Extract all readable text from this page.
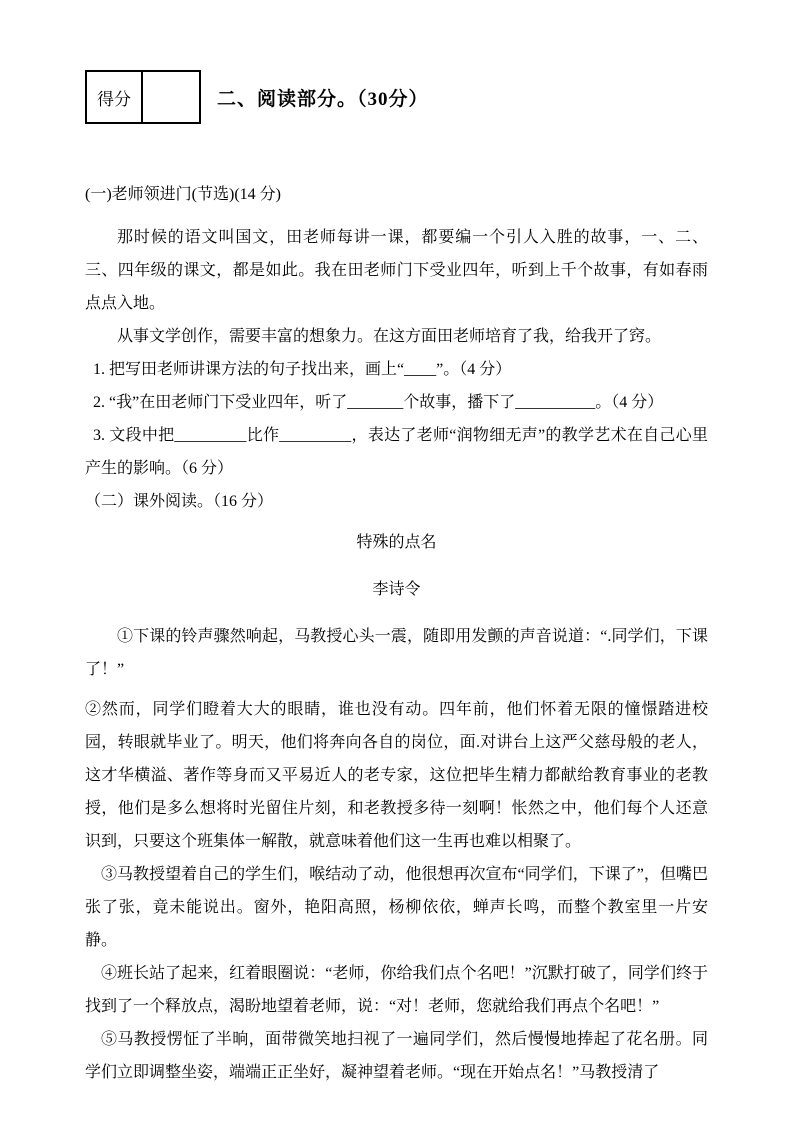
得分	二、阅读部分。（30分）

(一)老师领进门(节选)(14 分)

那时候的语文叫国文，田老师每讲一课，都要编一个引人入胜的故事，一、二、三、四年级的课文，都是如此。我在田老师门下受业四年，听到上千个故事，有如春雨点点入地。

从事文学创作，需要丰富的想象力。在这方面田老师培育了我，给我开了窍。

1. 把写田老师讲课方法的句子找出来，画上“____”。（4 分）

2. “我”在田老师门下受业四年，听了_______个故事，播下了__________。（4 分）

3. 文段中把_________比作_________，表达了老师“润物细无声”的教学艺术在自己心里产生的影响。（6 分）

（二）课外阅读。（16 分）

特殊的点名

李诗令

①下课的铃声骤然响起，马教授心头一震，随即用发颤的声音说道：“.同学们，下课了！”

②然而，同学们瞪着大大的眼睛，谁也没有动。四年前，他们怀着无限的憧憬踏进校园，转眼就毕业了。明天，他们将奔向各自的岗位，面.对讲台上这严父慈母般的老人，这才华横溢、著作等身而又平易近人的老专家，这位把毕生精力都献给教育事业的老教授，他们是多么想将时光留住片刻，和老教授多待一刻啊！怅然之中，他们每个人还意识到，只要这个班集体一解散，就意味着他们这一生再也难以相聚了。

③马教授望着自己的学生们，喉结动了动，他很想再次宣布“同学们，下课了”，但嘴巴张了张，竟未能说出。窗外，艳阳高照，杨柳依依，蝉声长鸣，而整个教室里一片安静。

④班长站了起来，红着眼圈说：“老师，你给我们点个名吧！”沉默打破了，同学们终于找到了一个释放点，渴盼地望着老师，说：“对！老师，您就给我们再点个名吧！”

⑤马教授愣怔了半晌，面带微笑地扫视了一遍同学们，然后慢慢地捧起了花名册。同学们立即调整坐姿，端端正正坐好，凝神望着老师。“现在开始点名！”马教授清了
